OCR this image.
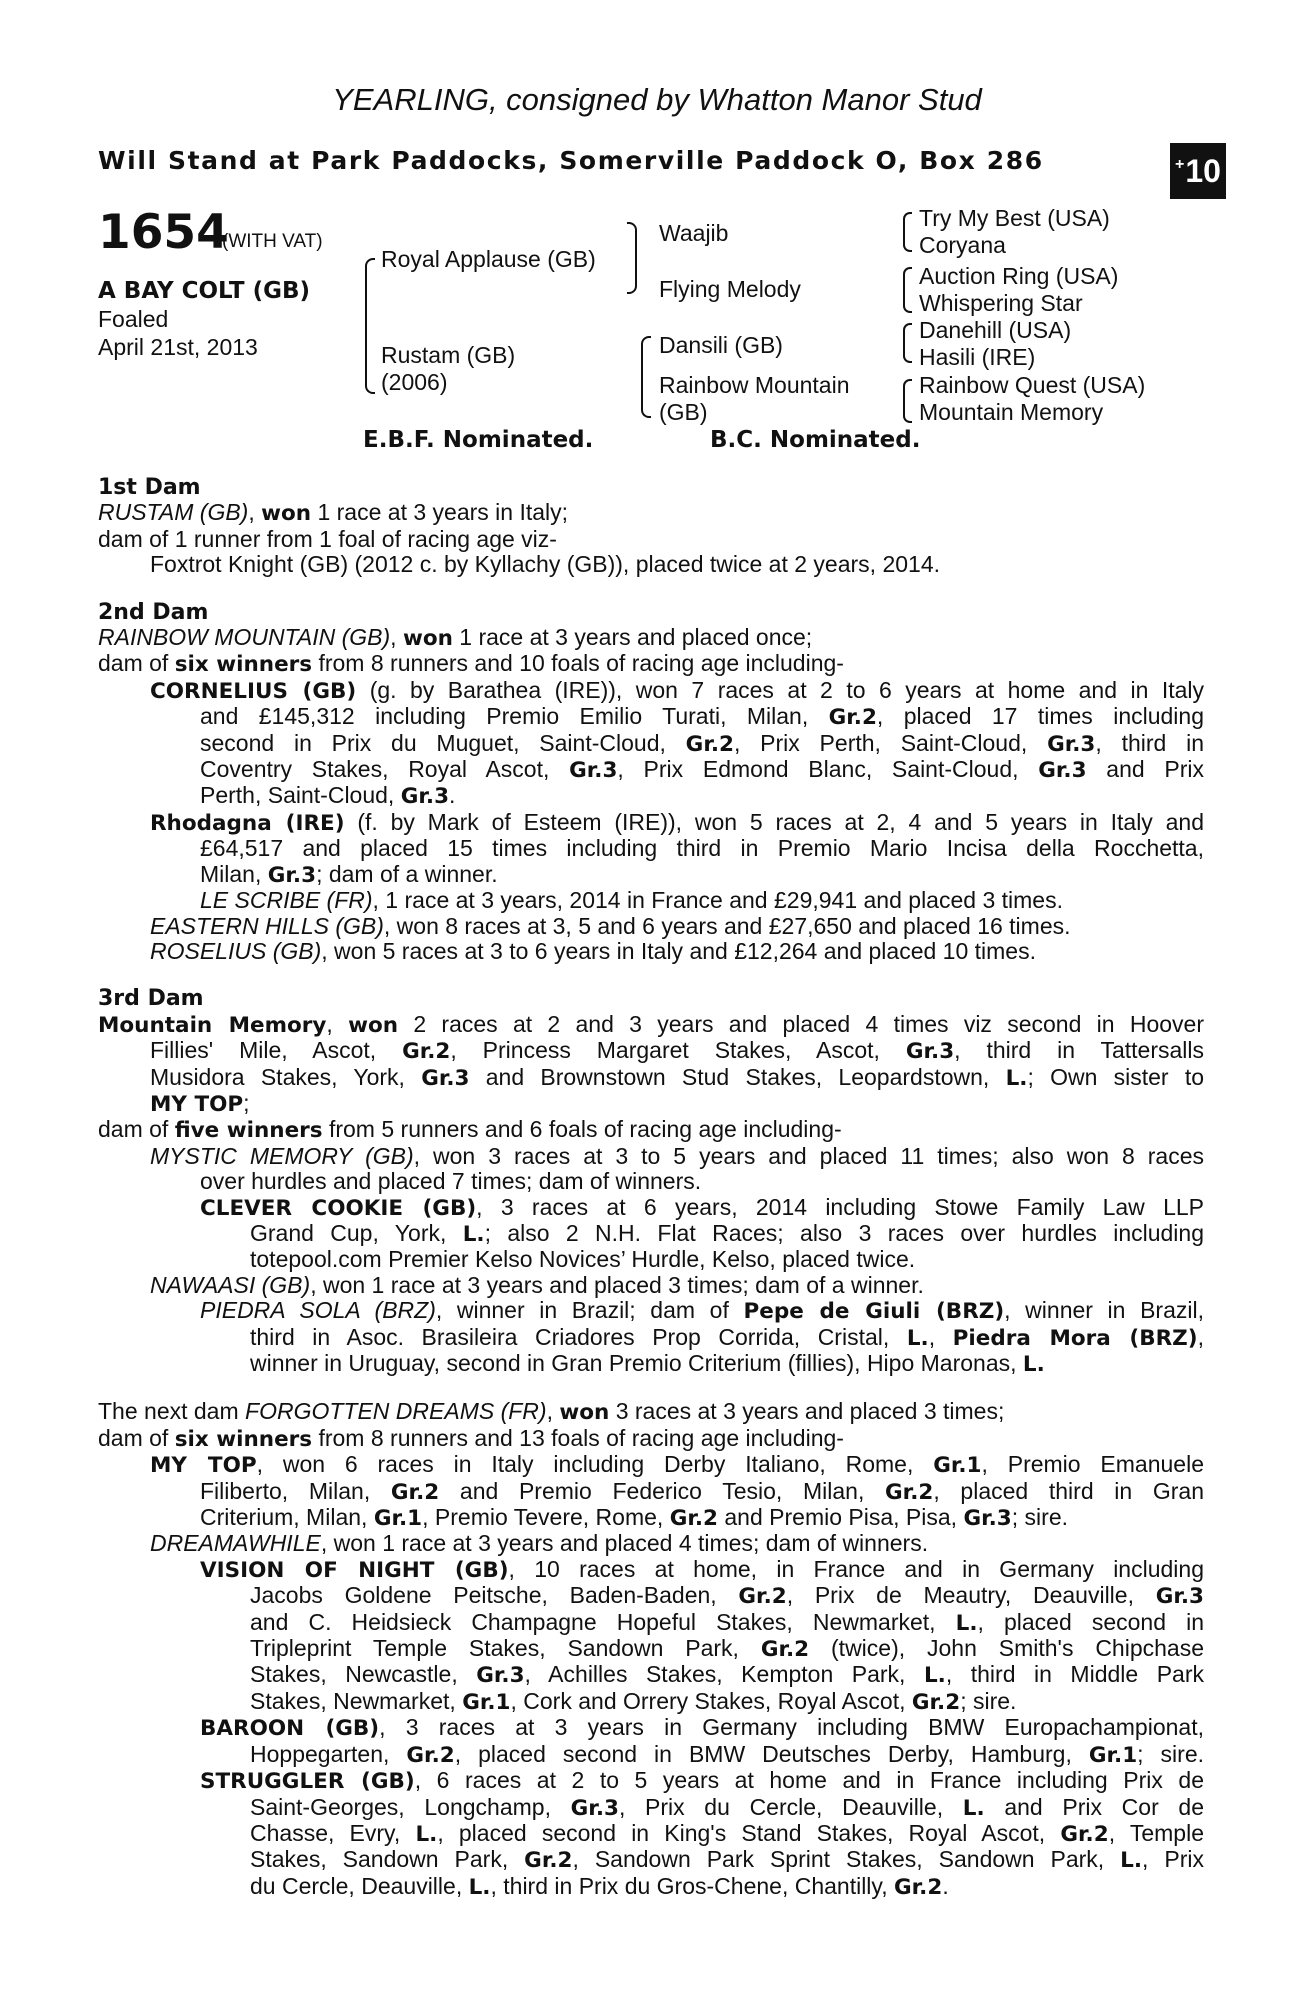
YEARLING, consigned by Whatton Manor Stud
Will Stand at Park Paddocks, Somerville Paddock O, Box 286	+ 10
1654
(WITH VAT)
A BAY COLT (GB)
Foaled
April 21st, 2013
Royal Applause (GB)
Rustam (GB)
(2006)
Waajib
Flying Melody
Dansili (GB)
Rainbow Mountain
(GB)
Try My Best (USA)
Coryana
Auction Ring (USA)
Whispering Star
Danehill (USA)
Hasili (IRE)
Rainbow Quest (USA)
Mountain Memory
E.B.F. Nominated.	B.C. Nominated.

1st Dam

RUSTAM (GB), won 1 race at 3 years in Italy;

dam of 1 runner from 1 foal of racing age viz-

Foxtrot Knight (GB) (2012 c. by Kyllachy (GB)), placed twice at 2 years, 2014.

2nd Dam

RAINBOW MOUNTAIN (GB), won 1 race at 3 years and placed once;

dam of six winners from 8 runners and 10 foals of racing age including-

CORNELIUS (GB) (g. by Barathea (IRE)), won 7 races at 2 to 6 years at home and in Italy

and £145,312 including Premio Emilio Turati, Milan, Gr.2, placed 17 times including

second in Prix du Muguet, Saint-Cloud, Gr.2, Prix Perth, Saint-Cloud, Gr.3, third in

Coventry Stakes, Royal Ascot, Gr.3, Prix Edmond Blanc, Saint-Cloud, Gr.3 and Prix

Perth, Saint-Cloud, Gr.3.

Rhodagna (IRE) (f. by Mark of Esteem (IRE)), won 5 races at 2, 4 and 5 years in Italy and

£64,517 and placed 15 times including third in Premio Mario Incisa della Rocchetta,

Milan, Gr.3; dam of a winner.

LE SCRIBE (FR), 1 race at 3 years, 2014 in France and £29,941 and placed 3 times.

EASTERN HILLS (GB), won 8 races at 3, 5 and 6 years and £27,650 and placed 16 times.

ROSELIUS (GB), won 5 races at 3 to 6 years in Italy and £12,264 and placed 10 times.

3rd Dam

Mountain Memory, won 2 races at 2 and 3 years and placed 4 times viz second in Hoover

Fillies' Mile, Ascot, Gr.2, Princess Margaret Stakes, Ascot, Gr.3, third in Tattersalls

Musidora Stakes, York, Gr.3 and Brownstown Stud Stakes, Leopardstown, L.; Own sister to

MY TOP;

dam of five winners from 5 runners and 6 foals of racing age including-

MYSTIC MEMORY (GB), won 3 races at 3 to 5 years and placed 11 times; also won 8 races

over hurdles and placed 7 times; dam of winners.

CLEVER COOKIE (GB), 3 races at 6 years, 2014 including Stowe Family Law LLP

Grand Cup, York, L.; also 2 N.H. Flat Races; also 3 races over hurdles including

totepool.com Premier Kelso Novices’ Hurdle, Kelso, placed twice.

NAWAASI (GB), won 1 race at 3 years and placed 3 times; dam of a winner.

PIEDRA SOLA (BRZ), winner in Brazil; dam of Pepe de Giuli (BRZ), winner in Brazil,

third in Asoc. Brasileira Criadores Prop Corrida, Cristal, L., Piedra Mora (BRZ),

winner in Uruguay, second in Gran Premio Criterium (fillies), Hipo Maronas, L.

The next dam FORGOTTEN DREAMS (FR), won 3 races at 3 years and placed 3 times;

dam of six winners from 8 runners and 13 foals of racing age including-

MY TOP, won 6 races in Italy including Derby Italiano, Rome, Gr.1, Premio Emanuele

Filiberto, Milan, Gr.2 and Premio Federico Tesio, Milan, Gr.2, placed third in Gran

Criterium, Milan, Gr.1, Premio Tevere, Rome, Gr.2 and Premio Pisa, Pisa, Gr.3; sire.

DREAMAWHILE, won 1 race at 3 years and placed 4 times; dam of winners.

VISION OF NIGHT (GB), 10 races at home, in France and in Germany including

Jacobs Goldene Peitsche, Baden-Baden, Gr.2, Prix de Meautry, Deauville, Gr.3

and C. Heidsieck Champagne Hopeful Stakes, Newmarket, L., placed second in

Tripleprint Temple Stakes, Sandown Park, Gr.2 (twice), John Smith's Chipchase

Stakes, Newcastle, Gr.3, Achilles Stakes, Kempton Park, L., third in Middle Park

Stakes, Newmarket, Gr.1, Cork and Orrery Stakes, Royal Ascot, Gr.2; sire.

BAROON (GB), 3 races at 3 years in Germany including BMW Europachampionat,

Hoppegarten, Gr.2, placed second in BMW Deutsches Derby, Hamburg, Gr.1; sire.

STRUGGLER (GB), 6 races at 2 to 5 years at home and in France including Prix de

Saint-Georges, Longchamp, Gr.3, Prix du Cercle, Deauville, L. and Prix Cor de

Chasse, Evry, L., placed second in King's Stand Stakes, Royal Ascot, Gr.2, Temple

Stakes, Sandown Park, Gr.2, Sandown Park Sprint Stakes, Sandown Park, L., Prix

du Cercle, Deauville, L., third in Prix du Gros-Chene, Chantilly, Gr.2.
